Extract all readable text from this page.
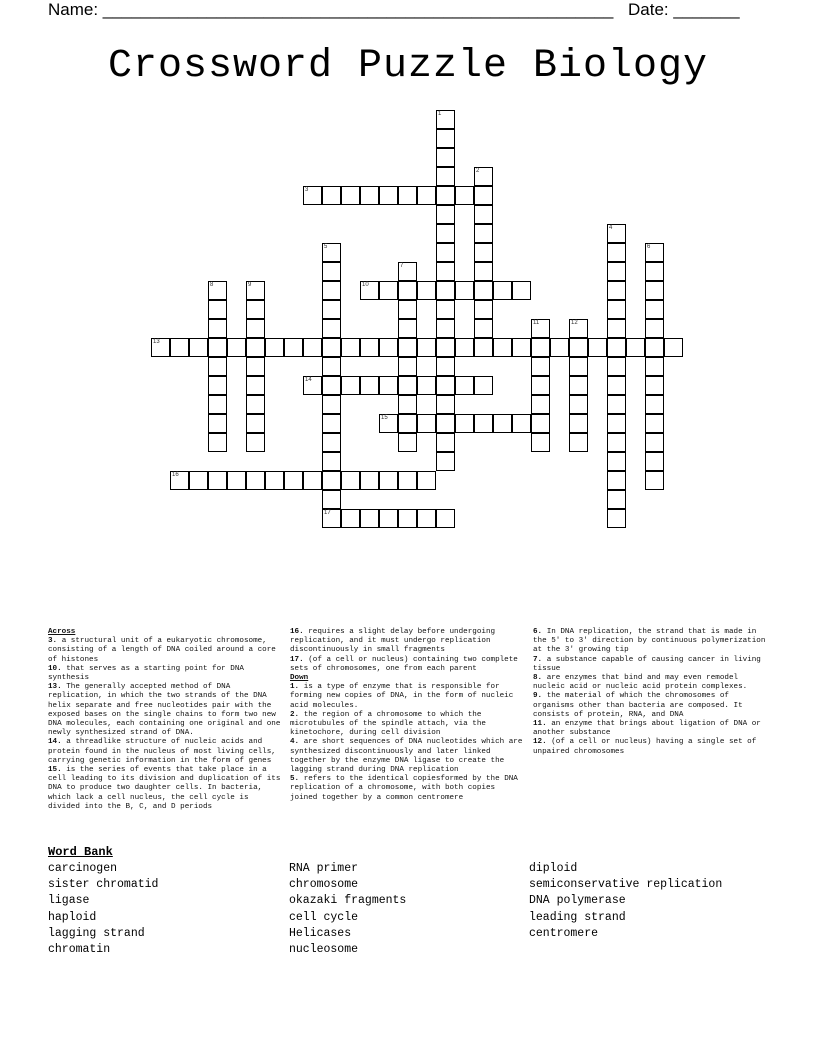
Name: ______________________________________________________ Date: _______
Crossword Puzzle Biology
1
2
3
4
5
17
6
7
8	9	10
11	12
13
14
15
16
Across
3. a structural unit of a eukaryotic chromosome, consisting of a length of DNA coiled around a core of histones
10. that serves as a starting point for DNA synthesis
13. The generally accepted method of DNA replication, in which the two strands of the DNA helix separate and free nucleotides pair with the exposed bases on the single chains to form two new DNA molecules, each containing one original and one newly synthesized strand of DNA.
14. a threadlike structure of nucleic acids and protein found in the nucleus of most living cells, carrying genetic information in the form of genes
15. is the series of events that take place in a cell leading to its division and duplication of its DNA to produce two daughter cells. In bacteria, which lack a cell nucleus, the cell cycle is divided into the B, C, and D periods
16. requires a slight delay before undergoing replication, and it must undergo replication discontinuously in small fragments
17. (of a cell or nucleus) containing two complete sets of chromosomes, one from each parent
Down
1. is a type of enzyme that is responsible for forming new copies of DNA, in the form of nucleic acid molecules.
2. the region of a chromosome to which the microtubules of the spindle attach, via the kinetochore, during cell division
4. are short sequences of DNA nucleotides which are synthesized discontinuously and later linked together by the enzyme DNA ligase to create the lagging strand during DNA replication
5. refers to the identical copiesformed by the DNA replication of a chromosome, with both copies joined together by a common centromere
6. In DNA replication, the strand that is made in the 5' to 3' direction by continuous polymerization at the 3' growing tip
7. a substance capable of causing cancer in living tissue
8. are enzymes that bind and may even remodel nucleic acid or nucleic acid protein complexes.
9. the material of which the chromosomes of organisms other than bacteria are composed. It consists of protein, RNA, and DNA
11. an enzyme that brings about ligation of DNA or another substance
12. (of a cell or nucleus) having a single set of unpaired chromosomes
Word Bank
carcinogen
sister chromatid
ligase
haploid
lagging strand
chromatin
RNA primer
chromosome
okazaki fragments
cell cycle
Helicases
nucleosome
diploid
semiconservative replication
DNA polymerase
leading strand
centromere
